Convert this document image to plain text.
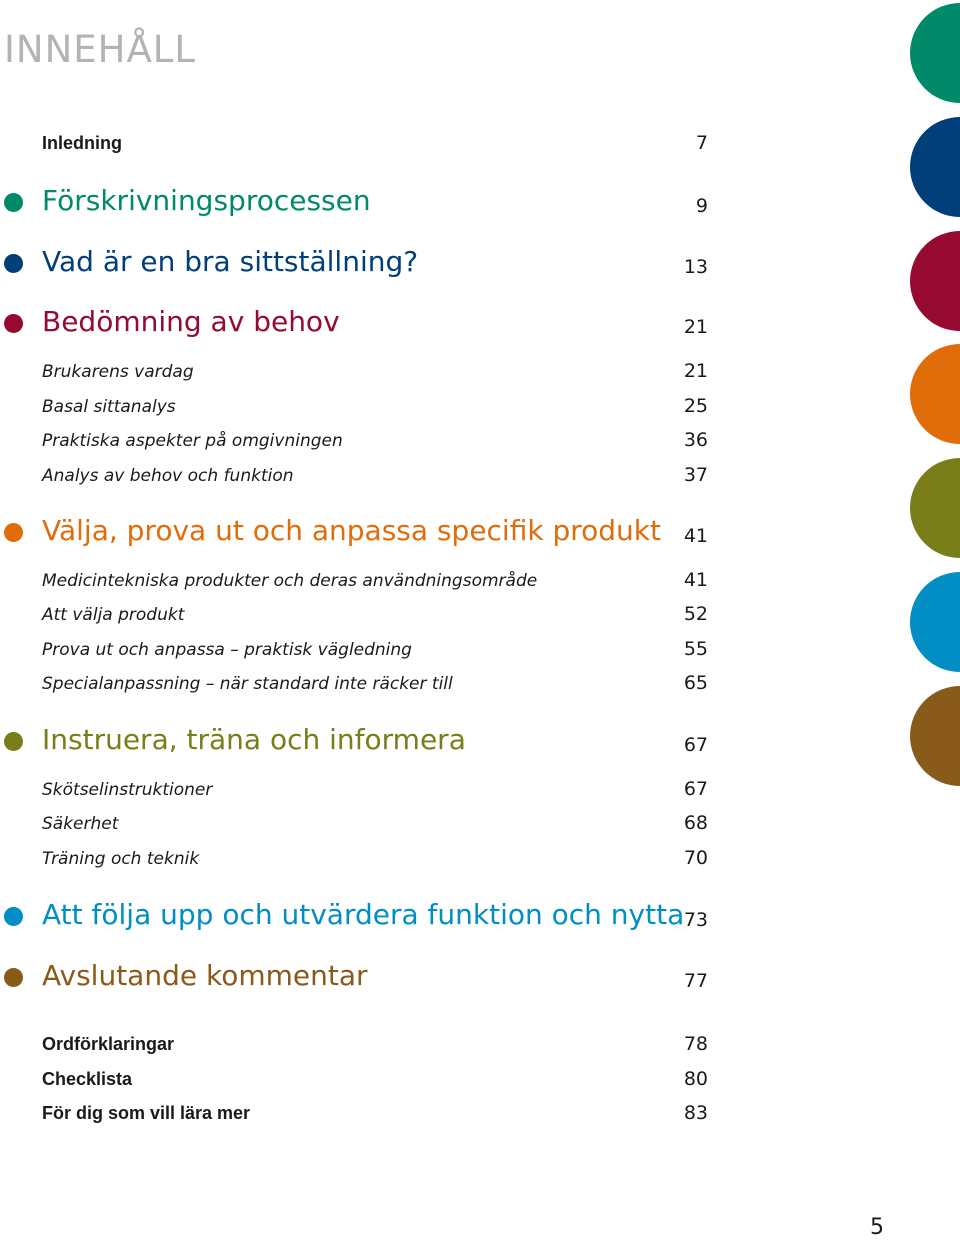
INNEHÅLL
Inledning	7
Förskrivningsprocessen	9
Vad är en bra sittställning?	13
Bedömning av behov	21
Brukarens vardag	21
Basal sittanalys	25
Praktiska aspekter på omgivningen	36
Analys av behov och funktion	37
Välja, prova ut och anpassa specifik produkt 41
Medicintekniska produkter och deras användningsområde	41
Att välja produkt	52
Prova ut och anpassa – praktisk vägledning	55
Specialanpassning – när standard inte räcker till	65
Instruera, träna och informera	67
Skötselinstruktioner	67
Säkerhet	68
Träning och teknik	70
Att följa upp och utvärdera funktion och nytta 73
Avslutande kommentar	77
Ordförklaringar	78
Checklista	80
För dig som vill lära mer	83
5
